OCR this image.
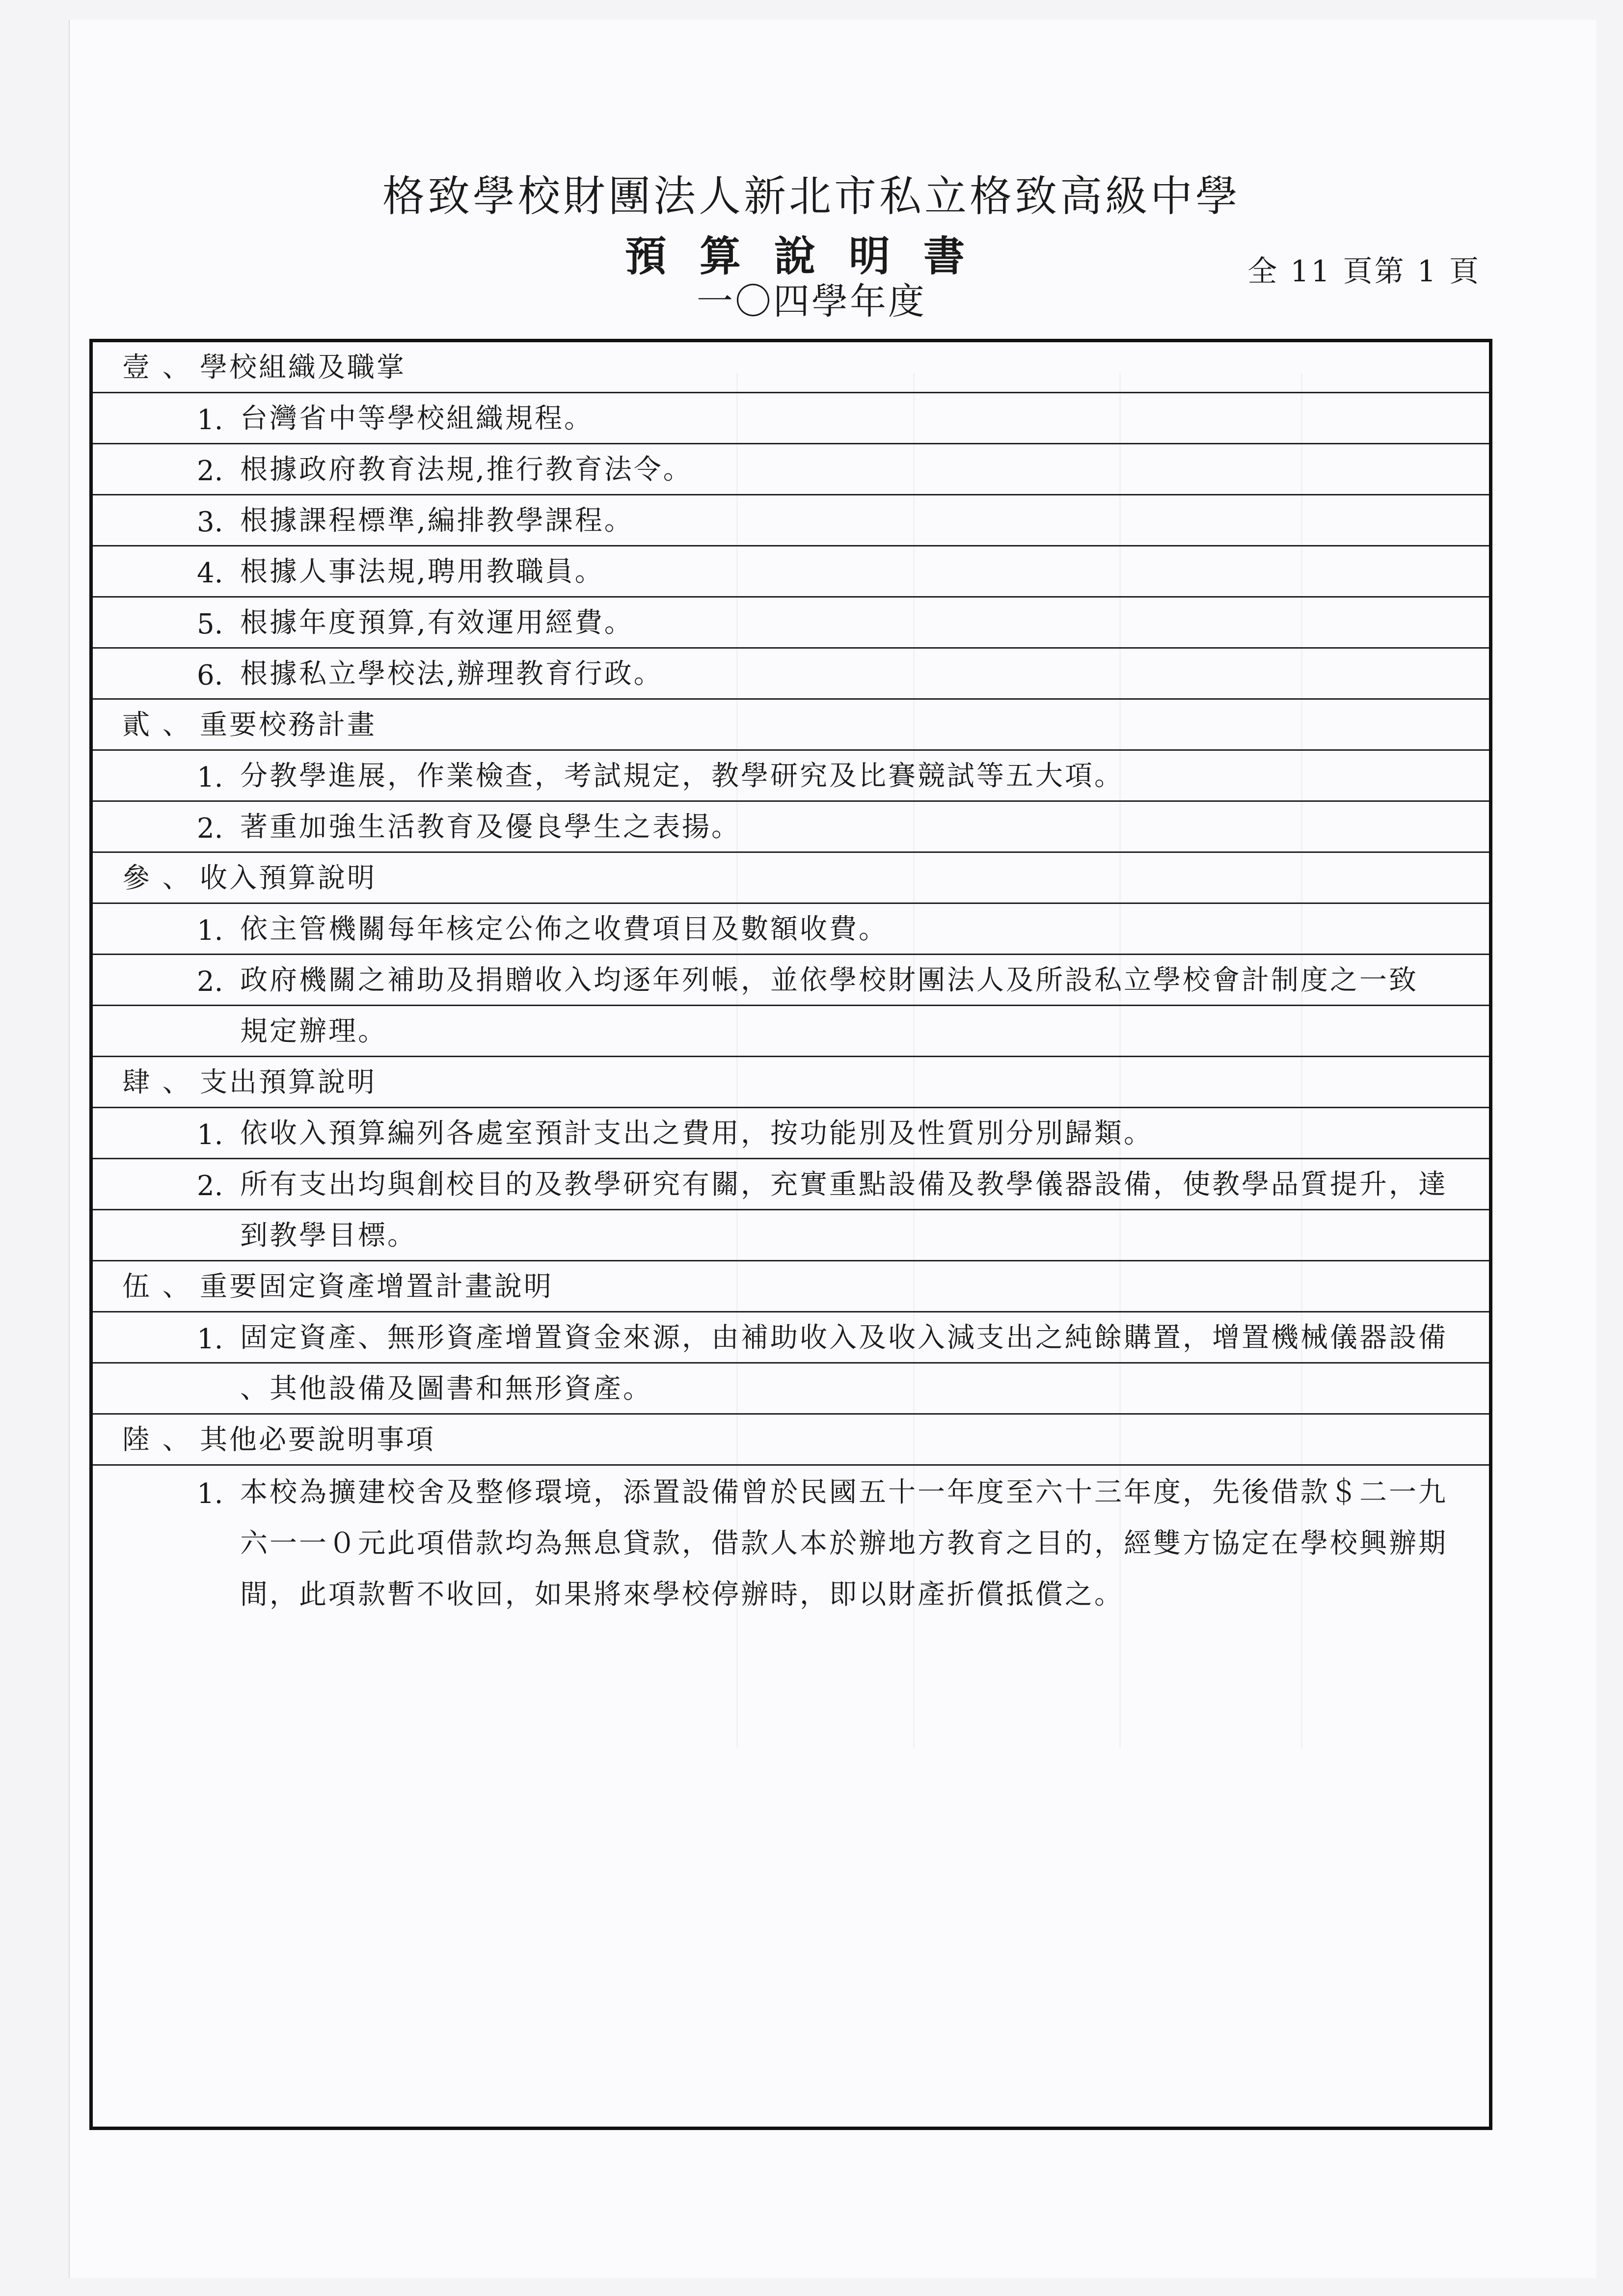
格致學校財團法人新北市私立格致高級中學
預算說明書
一〇四學年度
全 11 頁第 1 頁
壹 、 學校組織及職掌
1. 台灣省中等學校組織規程。
2. 根據政府教育法規,推行教育法令。
3. 根據課程標準,編排教學課程。
4. 根據人事法規,聘用教職員。
5. 根據年度預算,有效運用經費。
6. 根據私立學校法,辦理教育行政。
貳 、 重要校務計畫
1. 分教學進展，作業檢查，考試規定，教學研究及比賽競試等五大項。
2. 著重加強生活教育及優良學生之表揚。
參 、 收入預算說明
1. 依主管機關每年核定公佈之收費項目及數額收費。
2. 政府機關之補助及捐贈收入均逐年列帳，並依學校財團法人及所設私立學校會計制度之一致
規定辦理。
肆 、 支出預算說明
1. 依收入預算編列各處室預計支出之費用，按功能別及性質別分別歸類。
2. 所有支出均與創校目的及教學研究有關，充實重點設備及教學儀器設備，使教學品質提升，達
到教學目標。
伍 、 重要固定資產增置計畫說明
1. 固定資產、無形資產增置資金來源，由補助收入及收入減支出之純餘購置，增置機械儀器設備
、其他設備及圖書和無形資產。
陸 、 其他必要說明事項
1. 本校為擴建校舍及整修環境，添置設備曾於民國五十一年度至六十三年度，先後借款＄二一九
六一一０元此項借款均為無息貸款，借款人本於辦地方教育之目的，經雙方協定在學校興辦期
間，此項款暫不收回，如果將來學校停辦時，即以財產折償抵償之。
